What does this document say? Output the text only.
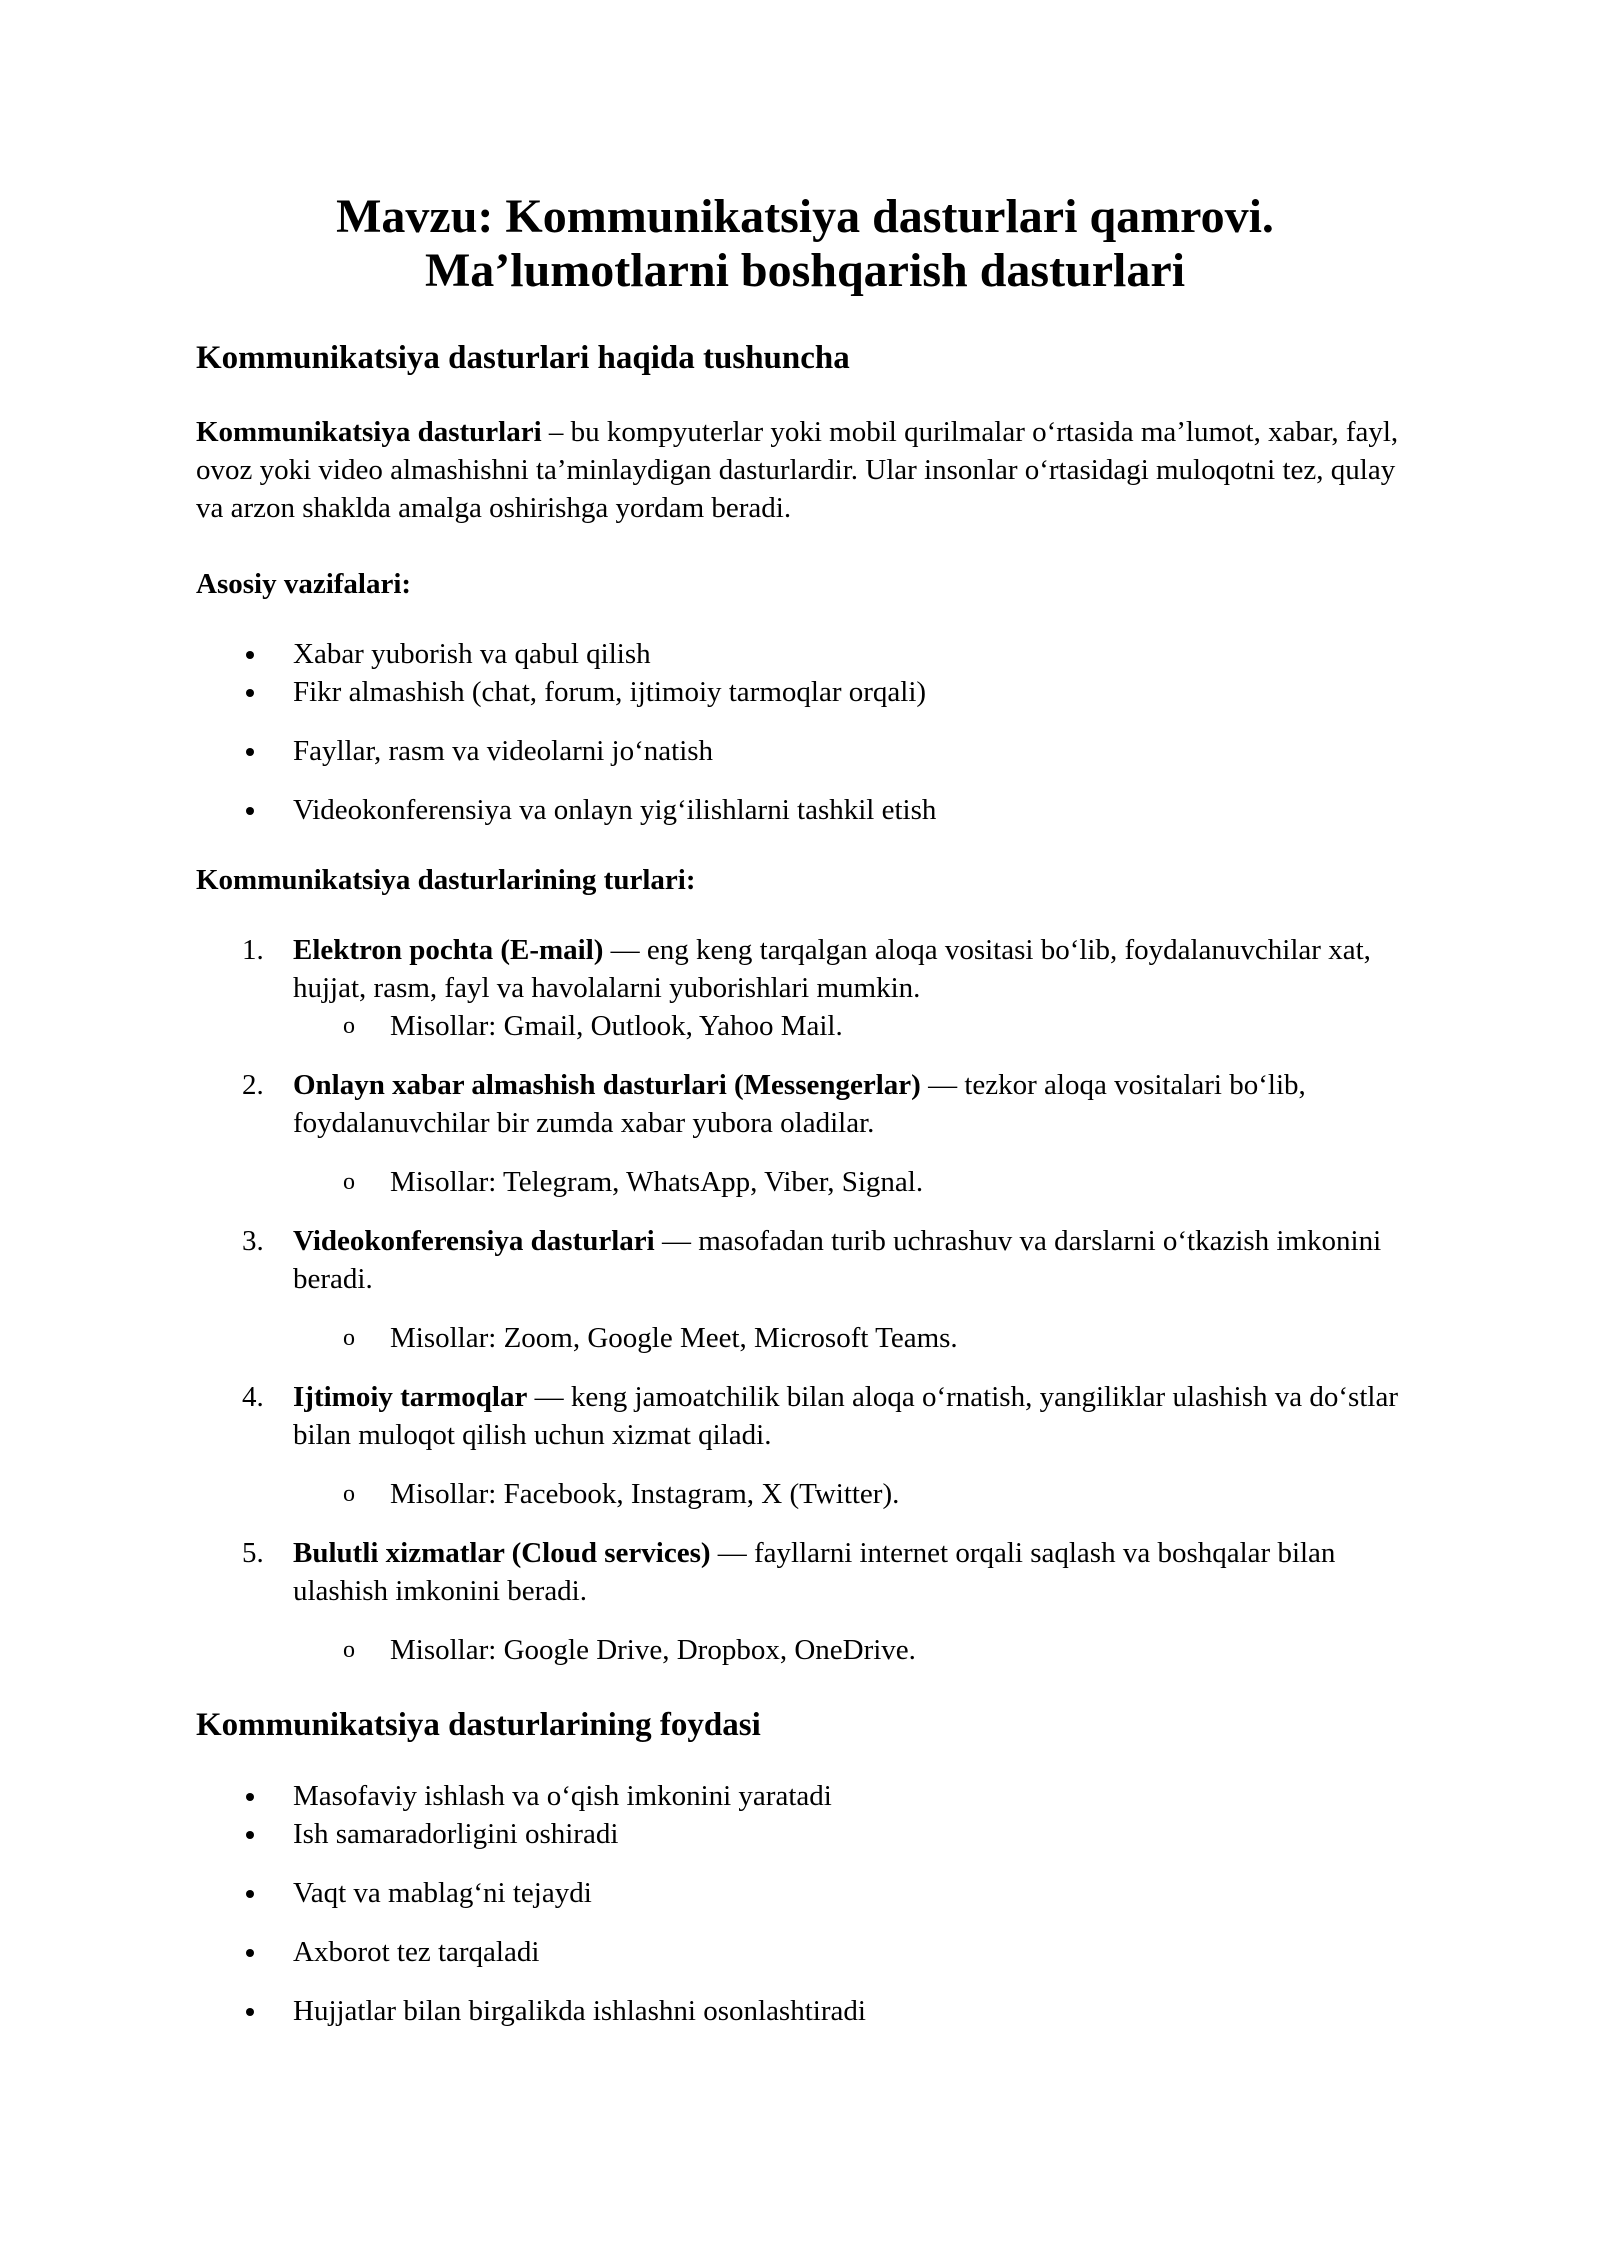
Mavzu: Kommunikatsiya dasturlari qamrovi.
Ma’lumotlarni boshqarish dasturlari
Kommunikatsiya dasturlari haqida tushuncha

Kommunikatsiya dasturlari – bu kompyuterlar yoki mobil qurilmalar o‘rtasida ma’lumot, xabar, fayl, ovoz yoki video almashishni ta’minlaydigan dasturlardir. Ular insonlar o‘rtasidagi muloqotni tez, qulay va arzon shaklda amalga oshirishga yordam beradi.

Asosiy vazifalari:
Xabar yuborish va qabul qilish
Fikr almashish (chat, forum, ijtimoiy tarmoqlar orqali)
Fayllar, rasm va videolarni jo‘natish
Videokonferensiya va onlayn yig‘ilishlarni tashkil etish
Kommunikatsiya dasturlarining turlari:
1. Elektron pochta (E-mail) — eng keng tarqalgan aloqa vositasi bo‘lib, foydalanuvchilar xat, hujjat, rasm, fayl va havolalarni yuborishlari mumkin.
o Misollar: Gmail, Outlook, Yahoo Mail.
2. Onlayn xabar almashish dasturlari (Messengerlar) — tezkor aloqa vositalari bo‘lib, foydalanuvchilar bir zumda xabar yubora oladilar.
o Misollar: Telegram, WhatsApp, Viber, Signal.
3. Videokonferensiya dasturlari — masofadan turib uchrashuv va darslarni o‘tkazish imkonini beradi.
o Misollar: Zoom, Google Meet, Microsoft Teams.
4. Ijtimoiy tarmoqlar — keng jamoatchilik bilan aloqa o‘rnatish, yangiliklar ulashish va do‘stlar bilan muloqot qilish uchun xizmat qiladi.
o Misollar: Facebook, Instagram, X (Twitter).
5. Bulutli xizmatlar (Cloud services) — fayllarni internet orqali saqlash va boshqalar bilan ulashish imkonini beradi.
o Misollar: Google Drive, Dropbox, OneDrive.
Kommunikatsiya dasturlarining foydasi
Masofaviy ishlash va o‘qish imkonini yaratadi
Ish samaradorligini oshiradi
Vaqt va mablag‘ni tejaydi
Axborot tez tarqaladi
Hujjatlar bilan birgalikda ishlashni osonlashtiradi
